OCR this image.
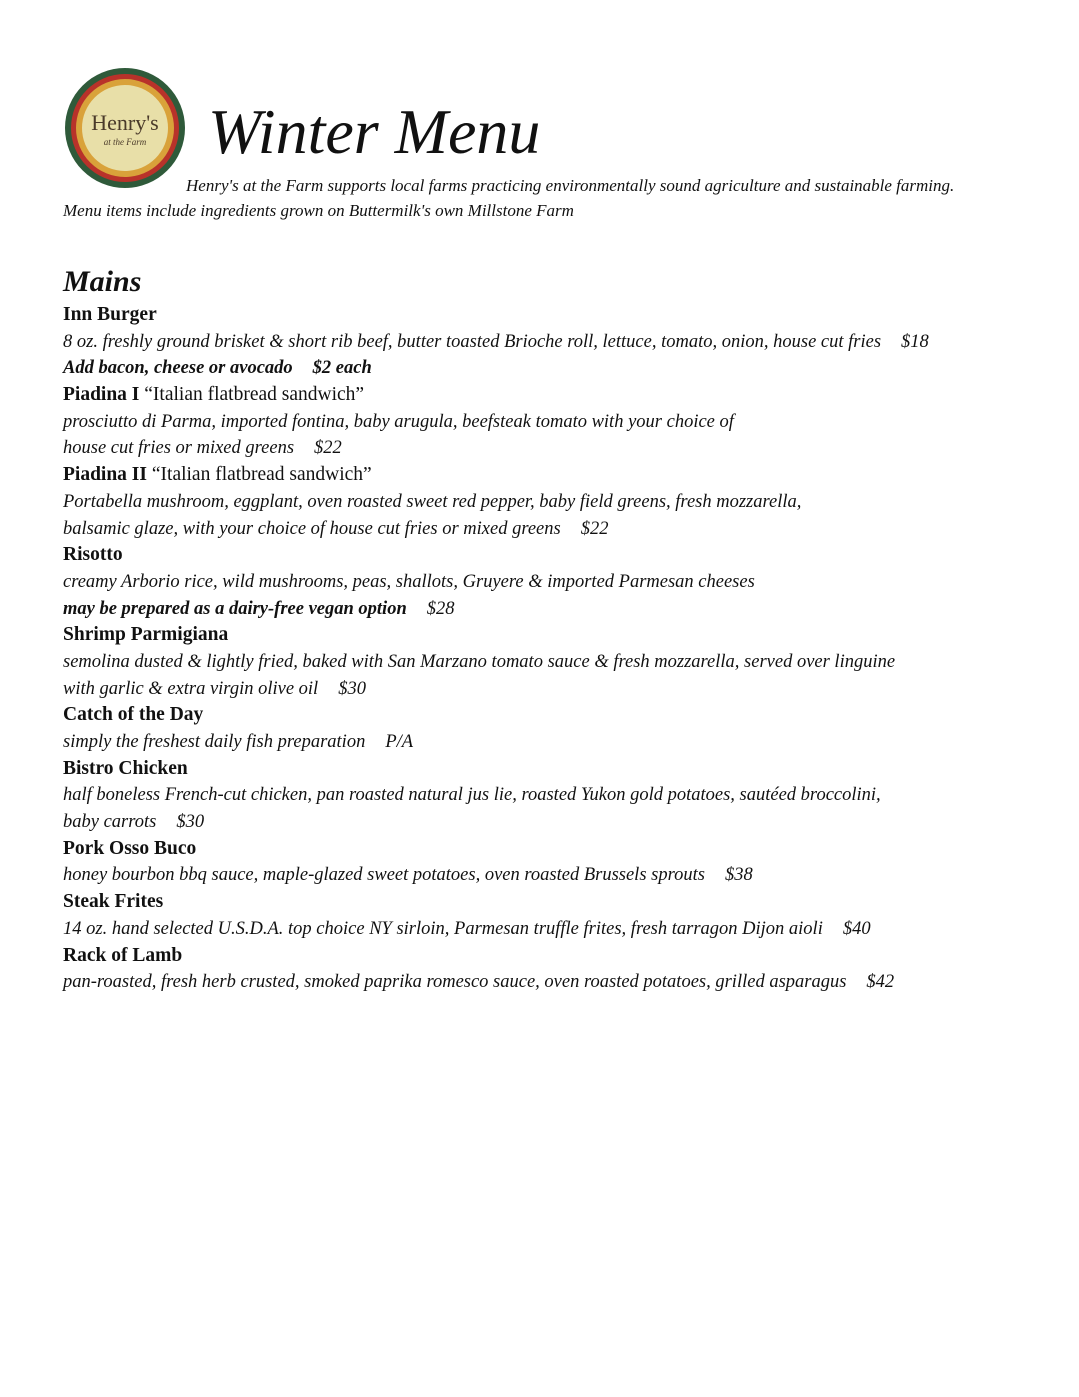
Henry's
at the Farm Winter Menu
Henry's at the Farm supports local farms practicing environmentally sound agriculture and sustainable farming.
Menu items include ingredients grown on Buttermilk's own Millstone Farm
Mains
Inn Burger
8 oz. freshly ground brisket & short rib beef, butter toasted Brioche roll, lettuce, tomato, onion, house cut fries $18
Add bacon, cheese or avocado $2 each
Piadina I “Italian flatbread sandwich”
prosciutto di Parma, imported fontina, baby arugula, beefsteak tomato with your choice of
house cut fries or mixed greens $22
Piadina II “Italian flatbread sandwich”
Portabella mushroom, eggplant, oven roasted sweet red pepper, baby field greens, fresh mozzarella,
balsamic glaze, with your choice of house cut fries or mixed greens $22
Risotto
creamy Arborio rice, wild mushrooms, peas, shallots, Gruyere & imported Parmesan cheeses
may be prepared as a dairy-free vegan option $28
Shrimp Parmigiana
semolina dusted & lightly fried, baked with San Marzano tomato sauce & fresh mozzarella, served over linguine
with garlic & extra virgin olive oil $30
Catch of the Day
simply the freshest daily fish preparation P/A
Bistro Chicken
half boneless French-cut chicken, pan roasted natural jus lie, roasted Yukon gold potatoes, sautéed broccolini,
baby carrots $30
Pork Osso Buco
honey bourbon bbq sauce, maple-glazed sweet potatoes, oven roasted Brussels sprouts $38
Steak Frites
14 oz. hand selected U.S.D.A. top choice NY sirloin, Parmesan truffle frites, fresh tarragon Dijon aioli $40
Rack of Lamb
pan-roasted, fresh herb crusted, smoked paprika romesco sauce, oven roasted potatoes, grilled asparagus $42
